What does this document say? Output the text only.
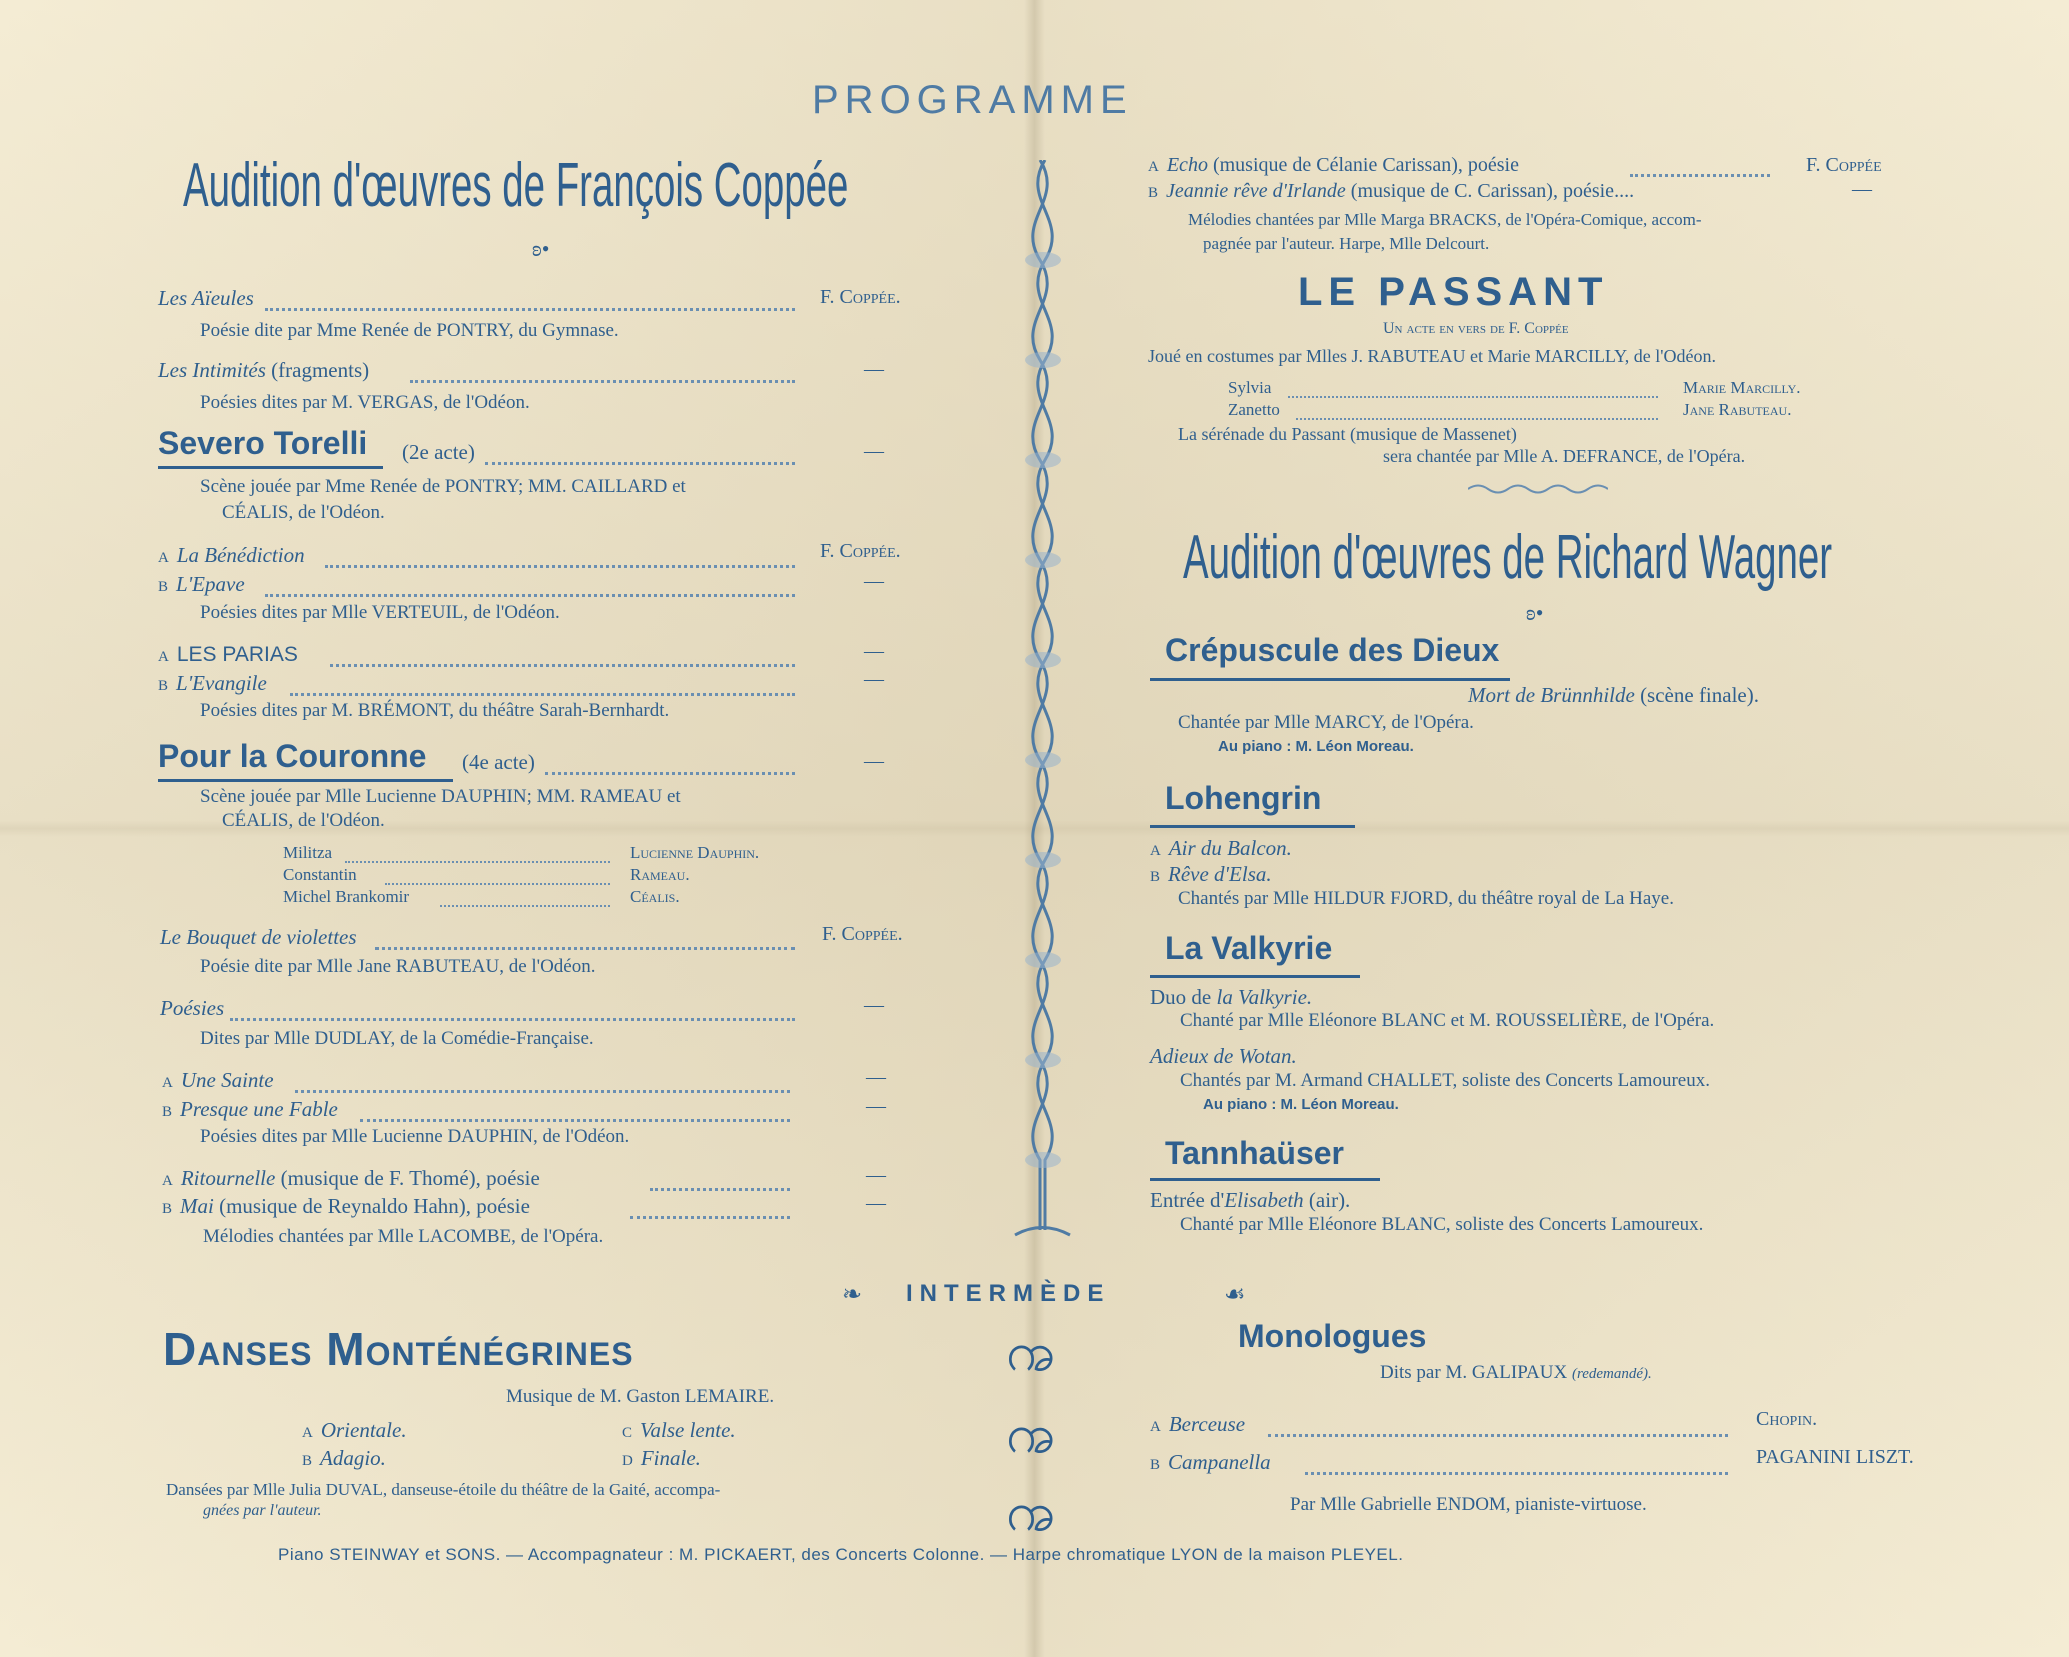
PROGRAMME
Audition d'œuvres de François Coppée
ʚ•
Les Aïeules	F. Coppée.
Poésie dite par Mme Renée de PONTRY, du Gymnase.
Les Intimités (fragments)	—
Poésies dites par M. VERGAS, de l'Odéon.
Severo Torelli (2e acte)	—
Scène jouée par Mme Renée de PONTRY; MM. CAILLARD et
CÉALIS, de l'Odéon.
A La Bénédiction	F. Coppée.
B L'Epave	—
Poésies dites par Mlle VERTEUIL, de l'Odéon.
A LES PARIAS	—
B L'Evangile	—
Poésies dites par M. BRÉMONT, du théâtre Sarah-Bernhardt.
Pour la Couronne (4e acte)	—
Scène jouée par Mlle Lucienne DAUPHIN; MM. RAMEAU et
CÉALIS, de l'Odéon.
Militza	Lucienne Dauphin.
Constantin	Rameau.
Michel Brankomir	Céalis.
Le Bouquet de violettes	F. Coppée.
Poésie dite par Mlle Jane RABUTEAU, de l'Odéon.
Poésies	—
Dites par Mlle DUDLAY, de la Comédie-Française.
A Une Sainte	—
B Presque une Fable	—
Poésies dites par Mlle Lucienne DAUPHIN, de l'Odéon.
A Ritournelle (musique de F. Thomé), poésie	—
B Mai (musique de Reynaldo Hahn), poésie	—
Mélodies chantées par Mlle LACOMBE, de l'Opéra.
A Echo (musique de Célanie Carissan), poésie	F. Coppée
B Jeannie rêve d'Irlande (musique de C. Carissan), poésie....	—
Mélodies chantées par Mlle Marga BRACKS, de l'Opéra-Comique, accom-
pagnée par l'auteur. Harpe, Mlle Delcourt.
LE PASSANT
Un acte en vers de F. Coppée
Joué en costumes par Mlles J. RABUTEAU et Marie MARCILLY, de l'Odéon.
Sylvia	Marie Marcilly.
Zanetto	Jane Rabuteau.
La sérénade du Passant (musique de Massenet)
sera chantée par Mlle A. DEFRANCE, de l'Opéra.
Audition d'œuvres de Richard Wagner
ʚ•
Crépuscule des Dieux
Mort de Brünnhilde (scène finale).
Chantée par Mlle MARCY, de l'Opéra.
Au piano : M. Léon Moreau.
Lohengrin
A Air du Balcon.
B Rêve d'Elsa.
Chantés par Mlle HILDUR FJORD, du théâtre royal de La Haye.
La Valkyrie
Duo de la Valkyrie.
Chanté par Mlle Eléonore BLANC et M. ROUSSELIÈRE, de l'Opéra.
Adieux de Wotan.
Chantés par M. Armand CHALLET, soliste des Concerts Lamoureux.
Au piano : M. Léon Moreau.
Tannhaüser
Entrée d'Elisabeth (air).
Chanté par Mlle Eléonore BLANC, soliste des Concerts Lamoureux.
❧ INTERMÈDE	☙
Danses Monténégrines
Musique de M. Gaston LEMAIRE.
A Orientale.
B Adagio.
C Valse lente.
D Finale.
Dansées par Mlle Julia DUVAL, danseuse-étoile du théâtre de la Gaité, accompa-
gnées par l'auteur.
ꩠ
ꩠ
ꩠ
Monologues
Dits par M. GALIPAUX (redemandé).
A Berceuse	Chopin.
B Campanella	PAGANINI LISZT.
Par Mlle Gabrielle ENDOM, pianiste-virtuose.
Piano STEINWAY et SONS. — Accompagnateur : M. PICKAERT, des Concerts Colonne. — Harpe chromatique LYON de la maison PLEYEL.
